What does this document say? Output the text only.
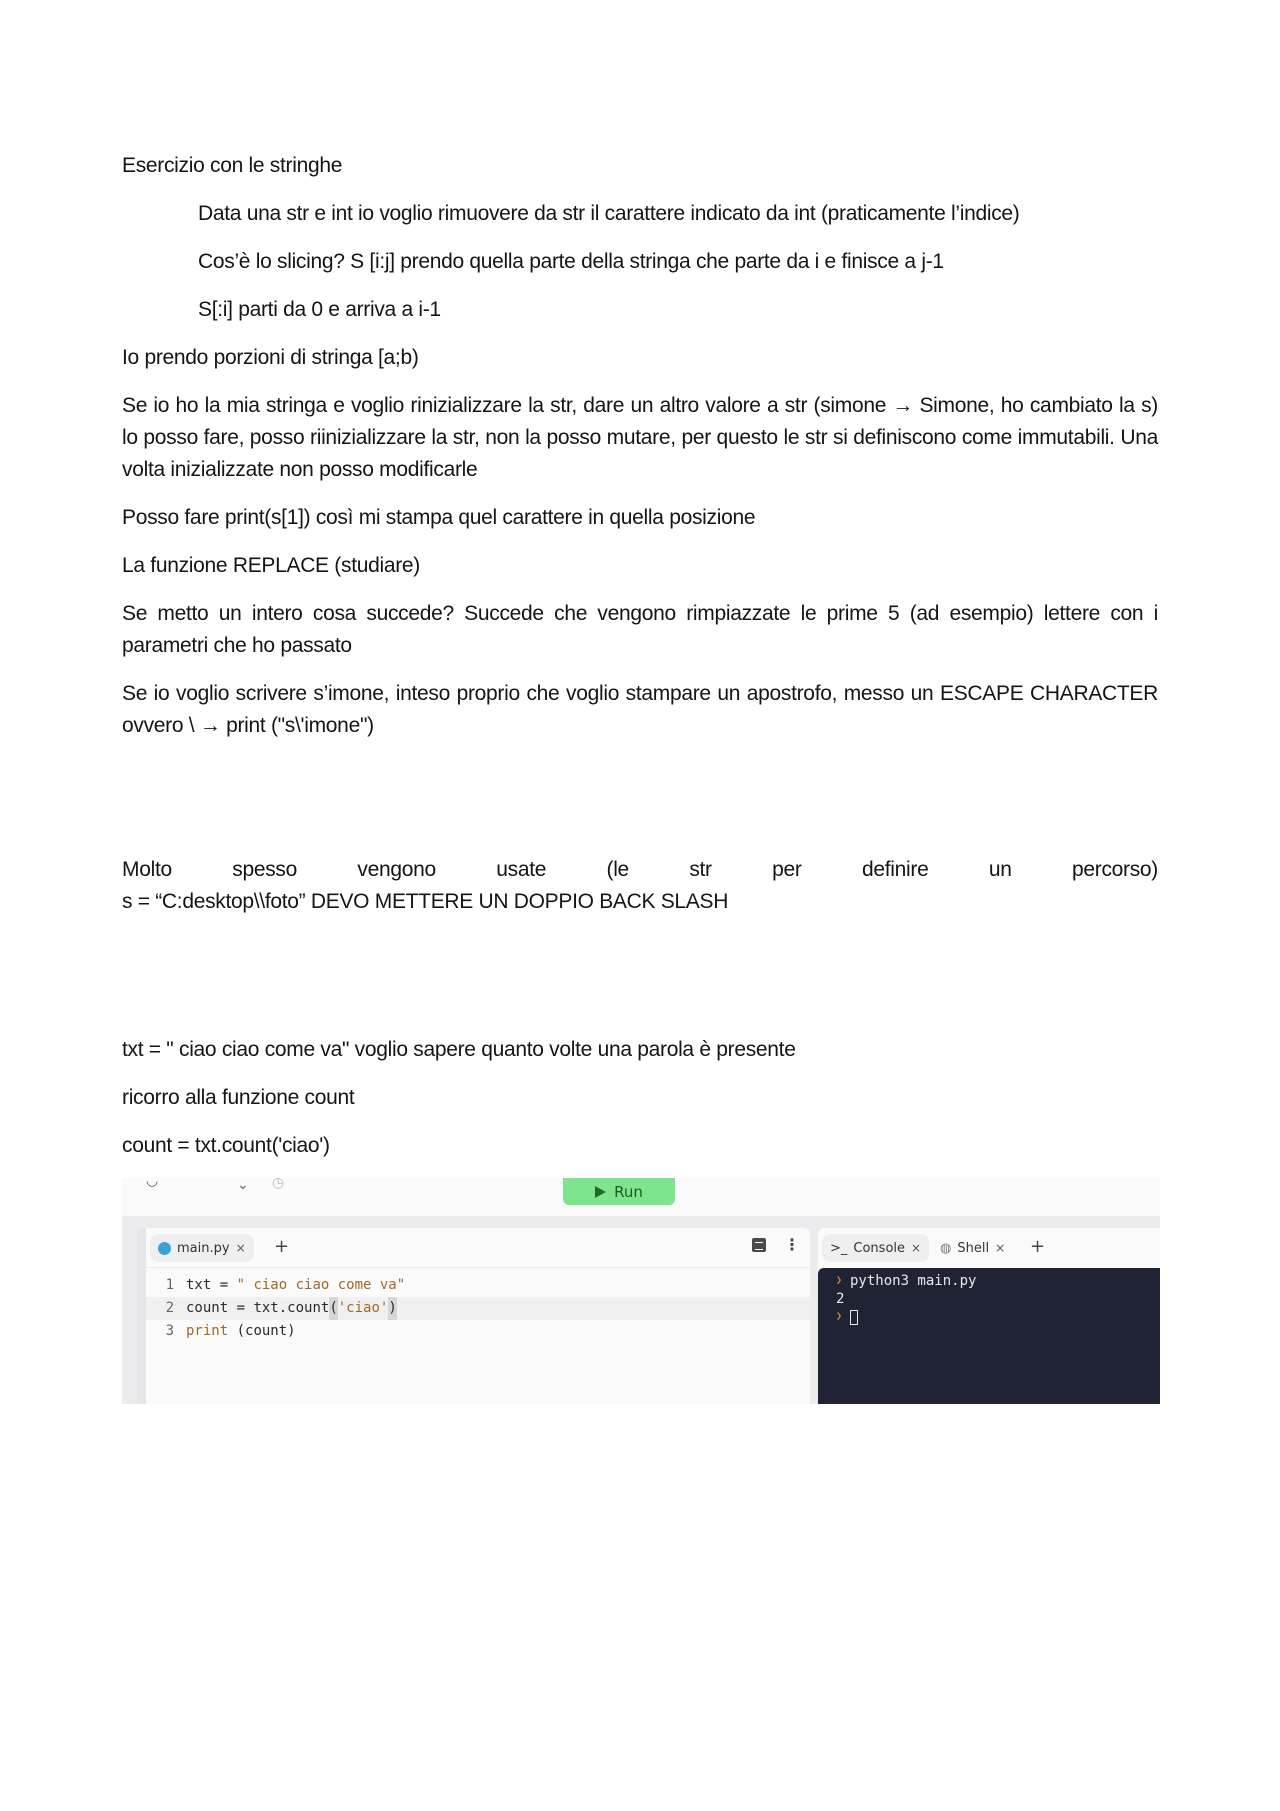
Esercizio con le stringhe
Data una str e int io voglio rimuovere da str il carattere indicato da int (praticamente l’indice)
Cos’è lo slicing? S [i:j] prendo quella parte della stringa che parte da i e finisce a j-1
S[:i] parti da 0 e arriva a i-1
Io prendo porzioni di stringa [a;b)
Se io ho la mia stringa e voglio rinizializzare la str, dare un altro valore a str (simone → Simone, ho cambiato la s) lo posso fare, posso riinizializzare la str, non la posso mutare, per questo le str si definiscono come immutabili. Una volta inizializzate non posso modificarle
Posso fare print(s[1]) così mi stampa quel carattere in quella posizione
La funzione REPLACE (studiare)
Se metto un intero cosa succede? Succede che vengono rimpiazzate le prime 5 (ad esempio) lettere con i parametri che ho passato
Se io voglio scrivere s’imone, inteso proprio che voglio stampare un apostrofo, messo un ESCAPE CHARACTER ovvero \ → print ("s\'imone")
Molto spesso vengono usate (le str per definire un percorso)
s = “C:desktop\\foto” DEVO METTERE UN DOPPIO BACK SLASH
txt = " ciao ciao come va" voglio sapere quanto volte una parola è presente
ricorro alla funzione count
count = txt.count('ciao')
◡	⌄ ◷
Run
main.py × +	⋮
1 txt = " ciao ciao come va"
2 count = txt.count ( 'ciao' )
3 print (count)
>_ Console × ◍ Shell × +
❯ python3 main.py
2
❯
